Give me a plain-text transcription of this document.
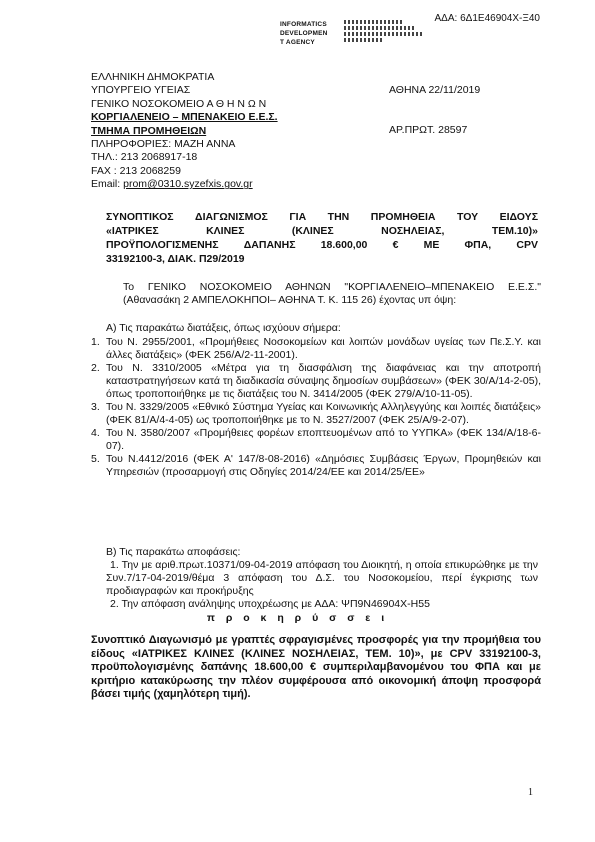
ΑΔΑ: 6Δ1Ε46904Χ-Ξ40
INFORMATICS
DEVELOPMEN
T AGENCY
ΕΛΛΗΝΙΚΗ ΔΗΜΟΚΡΑΤΙΑ
ΥΠΟΥΡΓΕΙΟ ΥΓΕΙΑΣ
ΓΕΝΙΚΟ ΝΟΣΟΚΟΜΕΙΟ Α Θ Η Ν Ω Ν
ΚΟΡΓΙΑΛΕΝΕΙΟ – ΜΠΕΝΑΚΕΙΟ Ε.Ε.Σ.
ΤΜΗΜΑ ΠΡΟΜΗΘΕΙΩΝ
ΠΛΗΡΟΦΟΡΙΕΣ: ΜΑΖΗ ΑΝΝΑ
ΤΗΛ.: 213 2068917-18
FAX : 213 2068259
Email: prom@0310.syzefxis.gov.gr
ΑΘΗΝΑ 22/11/2019
ΑΡ.ΠΡΩΤ. 28597
ΣΥΝΟΠΤΙΚΟΣ ΔΙΑΓΩΝΙΣΜΟΣ ΓΙΑ ΤΗΝ ΠΡΟΜΗΘΕΙΑ ΤΟΥ ΕΙΔΟΥΣ
«ΙΑΤΡΙΚΕΣ	ΚΛΙΝΕΣ	(ΚΛΙΝΕΣ	ΝΟΣΗΛΕΙΑΣ,	ΤΕΜ.10)»
ΠΡΟΫΠΟΛΟΓΙΣΜΕΝΗΣ ΔΑΠΑΝΗΣ 18.600,00 € ΜΕ ΦΠΑ, CPV
33192100-3, ΔΙΑΚ. Π29/2019
Το ΓΕΝΙΚΟ ΝΟΣΟΚΟΜΕΙΟ ΑΘΗΝΩΝ "ΚΟΡΓΙΑΛΕΝΕΙΟ–ΜΠΕΝΑΚΕΙΟ Ε.Ε.Σ." (Αθανασάκη 2 ΑΜΠΕΛΟΚΗΠΟΙ– ΑΘΗΝΑ Τ. Κ. 115 26) έχοντας υπ όψη:
Α) Τις παρακάτω διατάξεις, όπως ισχύουν σήμερα:
1. Του Ν. 2955/2001, «Προμήθειες Νοσοκομείων και λοιπών μονάδων υγείας των Πε.Σ.Υ. και άλλες διατάξεις» (ΦΕΚ 256/Α/2-11-2001).
2. Του Ν. 3310/2005 «Μέτρα για τη διασφάλιση της διαφάνειας και την αποτροπή καταστρατηγήσεων κατά τη διαδικασία σύναψης δημοσίων συμβάσεων» (ΦΕΚ 30/Α/14-2-05), όπως τροποποιήθηκε με τις διατάξεις του Ν. 3414/2005 (ΦΕΚ 279/Α/10-11-05).
3. Του Ν. 3329/2005 «Εθνικό Σύστημα Υγείας και Κοινωνικής Αλληλεγγύης και λοιπές διατάξεις» (ΦΕΚ 81/Α/4-4-05) ως τροποποιήθηκε με το Ν. 3527/2007 (ΦΕΚ 25/Α/9-2-07).
4. Του Ν. 3580/2007 «Προμήθειες φορέων εποπτευομένων από το ΥΥΠΚΑ» (ΦΕΚ 134/Α/18-6-07).
5. Του Ν.4412/2016 (ΦΕΚ Α' 147/8-08-2016) «Δημόσιες Συμβάσεις Έργων, Προμηθειών και Υπηρεσιών (προσαρμογή στις Οδηγίες 2014/24/ΕΕ και 2014/25/ΕΕ»
Β) Τις παρακάτω αποφάσεις:
1. Την με αριθ.πρωτ.10371/09-04-2019 απόφαση του Διοικητή, η οποία επικυρώθηκε με την Συν.7/17-04-2019/θέμα 3 απόφαση του Δ.Σ. του Νοσοκομείου, περί έγκρισης των προδιαγραφών και προκήρυξης
2. Την απόφαση ανάληψης υποχρέωσης με ΑΔΑ: ΨΠ9Ν46904Χ-Η55
π ρ ο κ η ρ ύ σ σ ε ι
Συνοπτικό Διαγωνισμό με γραπτές σφραγισμένες προσφορές για την προμήθεια του είδους «ΙΑΤΡΙΚΕΣ ΚΛΙΝΕΣ (ΚΛΙΝΕΣ ΝΟΣΗΛΕΙΑΣ, ΤΕΜ. 10)», με CPV 33192100-3, προϋπολογισμένης δαπάνης 18.600,00 € συμπεριλαμβανομένου του ΦΠΑ και με κριτήριο κατακύρωσης την πλέον συμφέρουσα από οικονομική άποψη προσφορά βάσει τιμής (χαμηλότερη τιμή).
1
